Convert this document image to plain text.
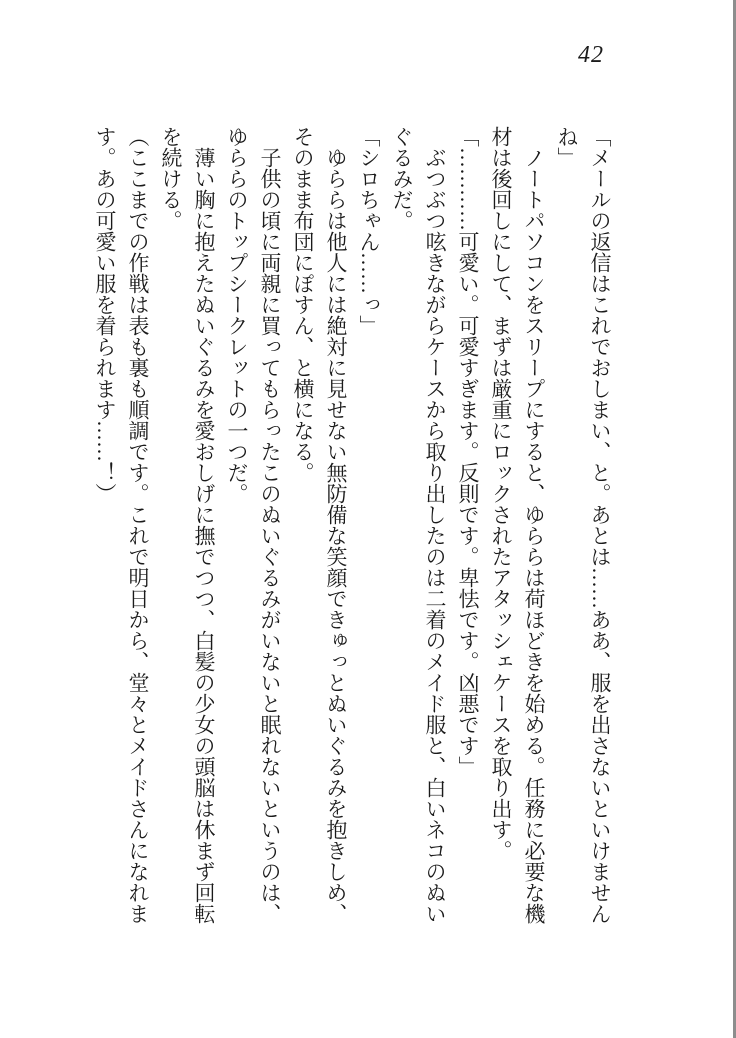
42

「メールの返信はこれでおしまい、と。あとは……ああ、服を出さないといけませんね」

　ノートパソコンをスリープにすると、ゆららは荷ほどきを始める。任務に必要な機材は後回しにして、まずは厳重にロックされたアタッシェケースを取り出す。

「…………可愛い。可愛すぎます。反則です。卑怯です。凶悪です」

　ぶつぶつ呟きながらケースから取り出したのは二着のメイド服と、白いネコのぬいぐるみだ。

「シロちゃん……っ」

　ゆららは他人には絶対に見せない無防備な笑顔できゅっとぬいぐるみを抱きしめ、そのまま布団にぽすん、と横になる。

　子供の頃に両親に買ってもらったこのぬいぐるみがいないと眠れないというのは、ゆららのトップシークレットの一つだ。

　薄い胸に抱えたぬいぐるみを愛おしげに撫でつつ、白髪の少女の頭脳は休まず回転を続ける。

（ここまでの作戦は表も裏も順調です。これで明日から、堂々とメイドさんになれます。あの可愛い服を着られます……！）
